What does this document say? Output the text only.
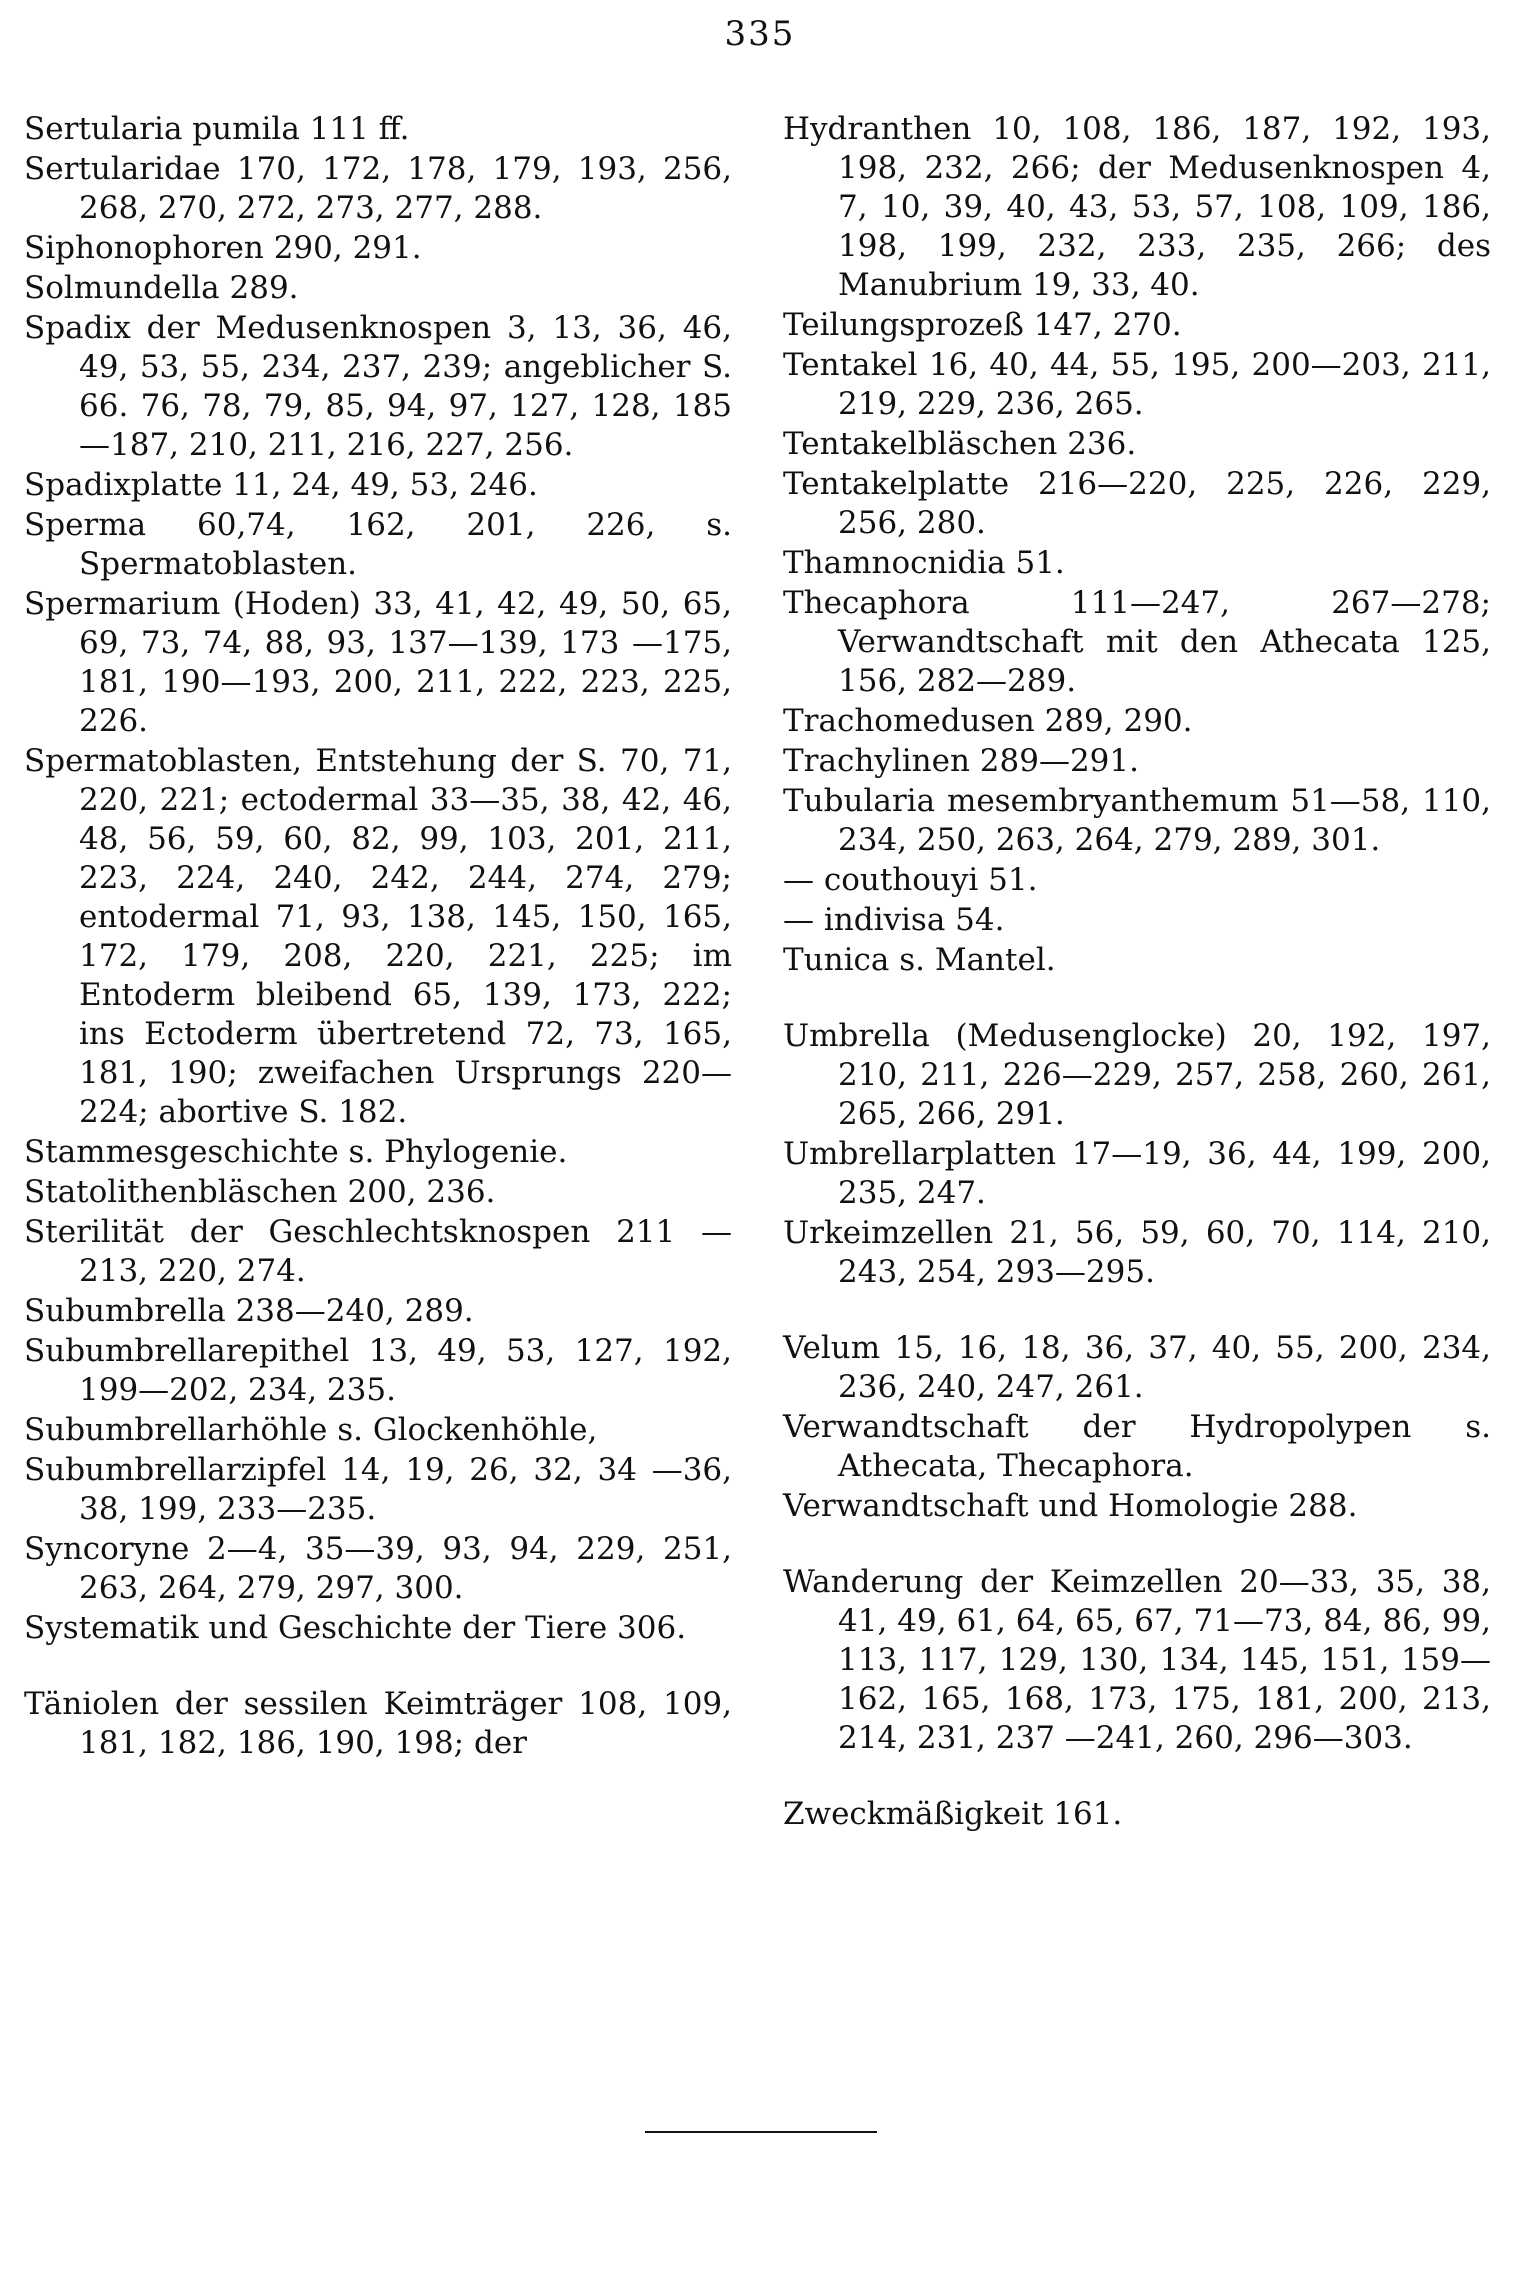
335

Sertularia pumila 111 ff.

Sertularidae 170, 172, 178, 179, 193, 256, 268, 270, 272, 273, 277, 288.

Siphonophoren 290, 291.

Solmundella 289.

Spadix der Medusenknospen 3, 13, 36, 46, 49, 53, 55, 234, 237, 239; angeblicher S. 66. 76, 78, 79, 85, 94, 97, 127, 128, 185—187, 210, 211, 216, 227, 256.

Spadixplatte 11, 24, 49, 53, 246.

Sperma 60,74, 162, 201, 226, s. Spermatoblasten.

Spermarium (Hoden) 33, 41, 42, 49, 50, 65, 69, 73, 74, 88, 93, 137—139, 173 —175, 181, 190—193, 200, 211, 222, 223, 225, 226.

Spermatoblasten, Entstehung der S. 70, 71, 220, 221; ectodermal 33—35, 38, 42, 46, 48, 56, 59, 60, 82, 99, 103, 201, 211, 223, 224, 240, 242, 244, 274, 279; entodermal 71, 93, 138, 145, 150, 165, 172, 179, 208, 220, 221, 225; im Entoderm bleibend 65, 139, 173, 222; ins Ectoderm übertretend 72, 73, 165, 181, 190; zweifachen Ursprungs 220—224; abortive S. 182.

Stammesgeschichte s. Phylogenie.

Statolithenbläschen 200, 236.

Sterilität der Geschlechtsknospen 211 —213, 220, 274.

Subumbrella 238—240, 289.

Subumbrellarepithel 13, 49, 53, 127, 192, 199—202, 234, 235.

Subumbrellarhöhle s. Glockenhöhle,

Subumbrellarzipfel 14, 19, 26, 32, 34 —36, 38, 199, 233—235.

Syncoryne 2—4, 35—39, 93, 94, 229, 251, 263, 264, 279, 297, 300.

Systematik und Geschichte der Tiere 306.

Täniolen der sessilen Keimträger 108, 109, 181, 182, 186, 190, 198; der

Hydranthen 10, 108, 186, 187, 192, 193, 198, 232, 266; der Medusenknospen 4, 7, 10, 39, 40, 43, 53, 57, 108, 109, 186, 198, 199, 232, 233, 235, 266; des Manubrium 19, 33, 40.

Teilungsprozeß 147, 270.

Tentakel 16, 40, 44, 55, 195, 200—203, 211, 219, 229, 236, 265.

Tentakelbläschen 236.

Tentakelplatte 216—220, 225, 226, 229, 256, 280.

Thamnocnidia 51.

Thecaphora 111—247, 267—278; Verwandtschaft mit den Athecata 125, 156, 282—289.

Trachomedusen 289, 290.

Trachylinen 289—291.

Tubularia mesembryanthemum 51—58, 110, 234, 250, 263, 264, 279, 289, 301.

— couthouyi 51.

— indivisa 54.

Tunica s. Mantel.

Umbrella (Medusenglocke) 20, 192, 197, 210, 211, 226—229, 257, 258, 260, 261, 265, 266, 291.

Umbrellarplatten 17—19, 36, 44, 199, 200, 235, 247.

Urkeimzellen 21, 56, 59, 60, 70, 114, 210, 243, 254, 293—295.

Velum 15, 16, 18, 36, 37, 40, 55, 200, 234, 236, 240, 247, 261.

Verwandtschaft der Hydropolypen s. Athecata, Thecaphora.

Verwandtschaft und Homologie 288.

Wanderung der Keimzellen 20—33, 35, 38, 41, 49, 61, 64, 65, 67, 71—73, 84, 86, 99, 113, 117, 129, 130, 134, 145, 151, 159—162, 165, 168, 173, 175, 181, 200, 213, 214, 231, 237 —241, 260, 296—303.

Zweckmäßigkeit 161.
